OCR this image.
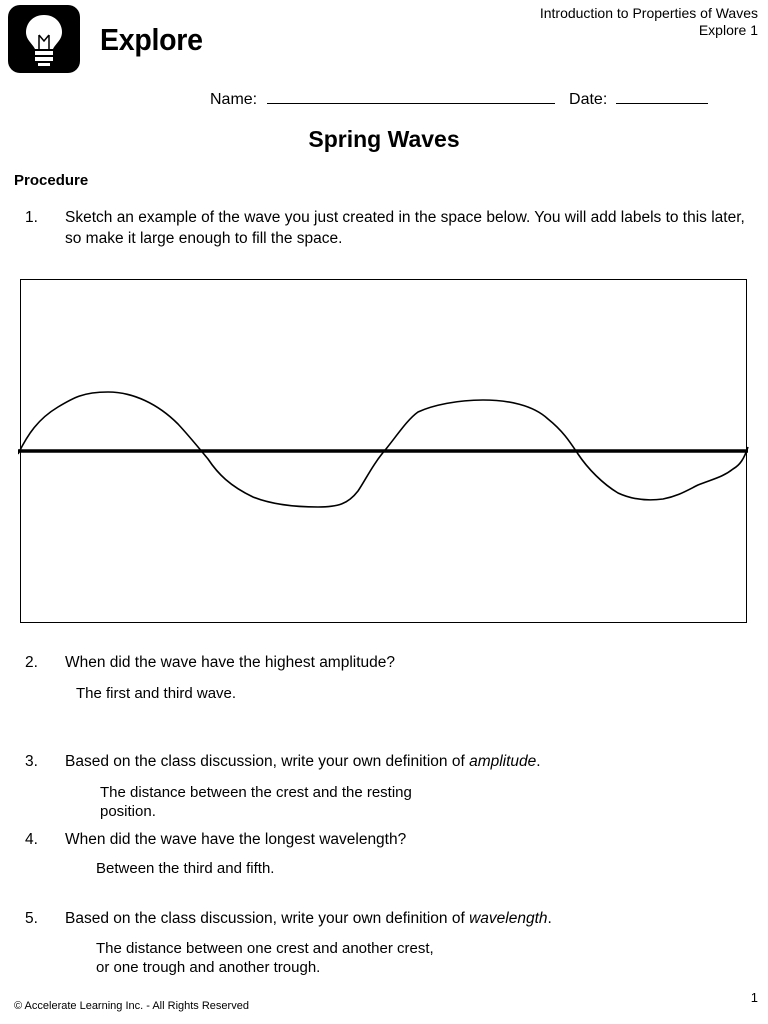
Explore
Introduction to Properties of Waves
Explore 1
Name:	Date:
Spring Waves
Procedure
1. Sketch an example of the wave you just created in the space below. You will add labels to this later, so make it large enough to fill the space.
2. When did the wave have the highest amplitude?
The first and third wave.
3. Based on the class discussion, write your own definition of amplitude.
The distance between the crest and the resting
position.
4. When did the wave have the longest wavelength?
Between the third and fifth.
5. Based on the class discussion, write your own definition of wavelength.
The distance between one crest and another crest,
or one trough and another trough.
© Accelerate Learning Inc. - All Rights Reserved
1
